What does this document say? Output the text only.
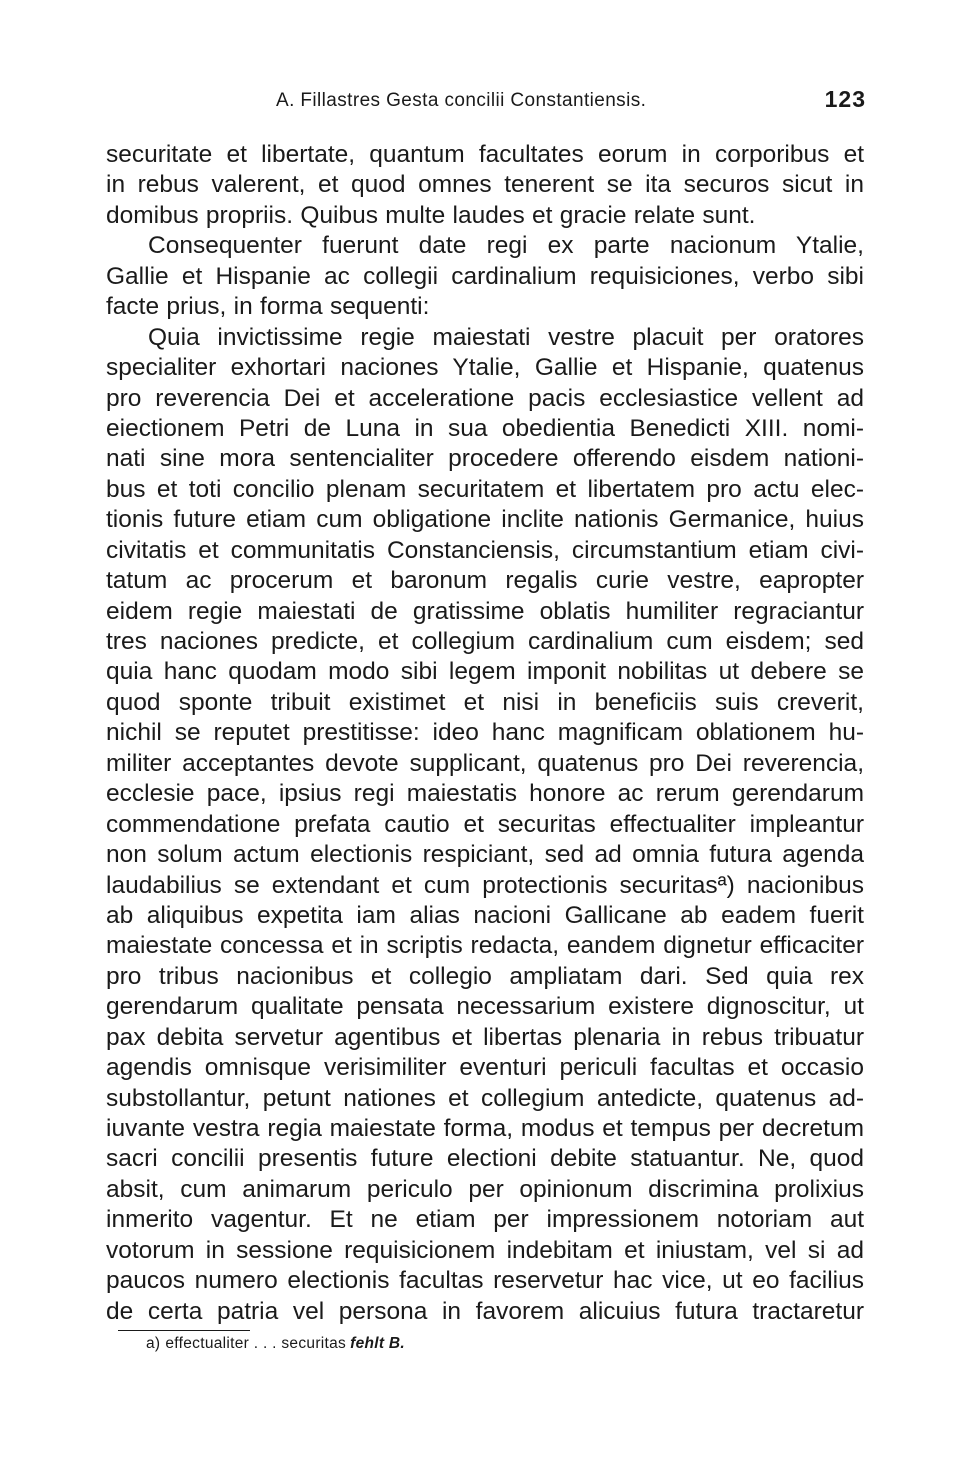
A. Fillastres Gesta concilii Constantiensis.	123
securitate et libertate, quantum facultates eorum in corporibus et
in rebus valerent, et quod omnes tenerent se ita securos sicut in
domibus propriis. Quibus multe laudes et gracie relate sunt.
Consequenter fuerunt date regi ex parte nacionum Ytalie,
Gallie et Hispanie ac collegii cardinalium requisiciones, verbo sibi
facte prius, in forma sequenti:
Quia invictissime regie maiestati vestre placuit per oratores
specialiter exhortari naciones Ytalie, Gallie et Hispanie, quatenus
pro reverencia Dei et acceleratione pacis ecclesiastice vellent ad
eiectionem Petri de Luna in sua obedientia Benedicti XIII. nomi-
nati sine mora sentencialiter procedere offerendo eisdem nationi-
bus et toti concilio plenam securitatem et libertatem pro actu elec-
tionis future etiam cum obligatione inclite nationis Germanice, huius
civitatis et communitatis Constanciensis, circumstantium etiam civi-
tatum ac procerum et baronum regalis curie vestre, eapropter
eidem regie maiestati de gratissime oblatis humiliter regraciantur
tres naciones predicte, et collegium cardinalium cum eisdem; sed
quia hanc quodam modo sibi legem imponit nobilitas ut debere se
quod sponte tribuit existimet et nisi in beneficiis suis creverit,
nichil se reputet prestitisse: ideo hanc magnificam oblationem hu-
militer acceptantes devote supplicant, quatenus pro Dei reverencia,
ecclesie pace, ipsius regi maiestatis honore ac rerum gerendarum
commendatione prefata cautio et securitas effectualiter impleantur
non solum actum electionis respiciant, sed ad omnia futura agenda
laudabilius se extendant et cum protectionis securitasª) nacionibus
ab aliquibus expetita iam alias nacioni Gallicane ab eadem fuerit
maiestate concessa et in scriptis redacta, eandem dignetur efficaciter
pro tribus nacionibus et collegio ampliatam dari. Sed quia rex
gerendarum qualitate pensata necessarium existere dignoscitur, ut
pax debita servetur agentibus et libertas plenaria in rebus tribuatur
agendis omnisque verisimiliter eventuri periculi facultas et occasio
substollantur, petunt nationes et collegium antedicte, quatenus ad-
iuvante vestra regia maiestate forma, modus et tempus per decretum
sacri concilii presentis future electioni debite statuantur. Ne, quod
absit, cum animarum periculo per opinionum discrimina prolixius
inmerito vagentur. Et ne etiam per impressionem notoriam aut
votorum in sessione requisicionem indebitam et iniustam, vel si ad
paucos numero electionis facultas reservetur hac vice, ut eo facilius
de certa patria vel persona in favorem alicuius futura tractaretur
a) effectualiter . . . securitas fehlt B.
